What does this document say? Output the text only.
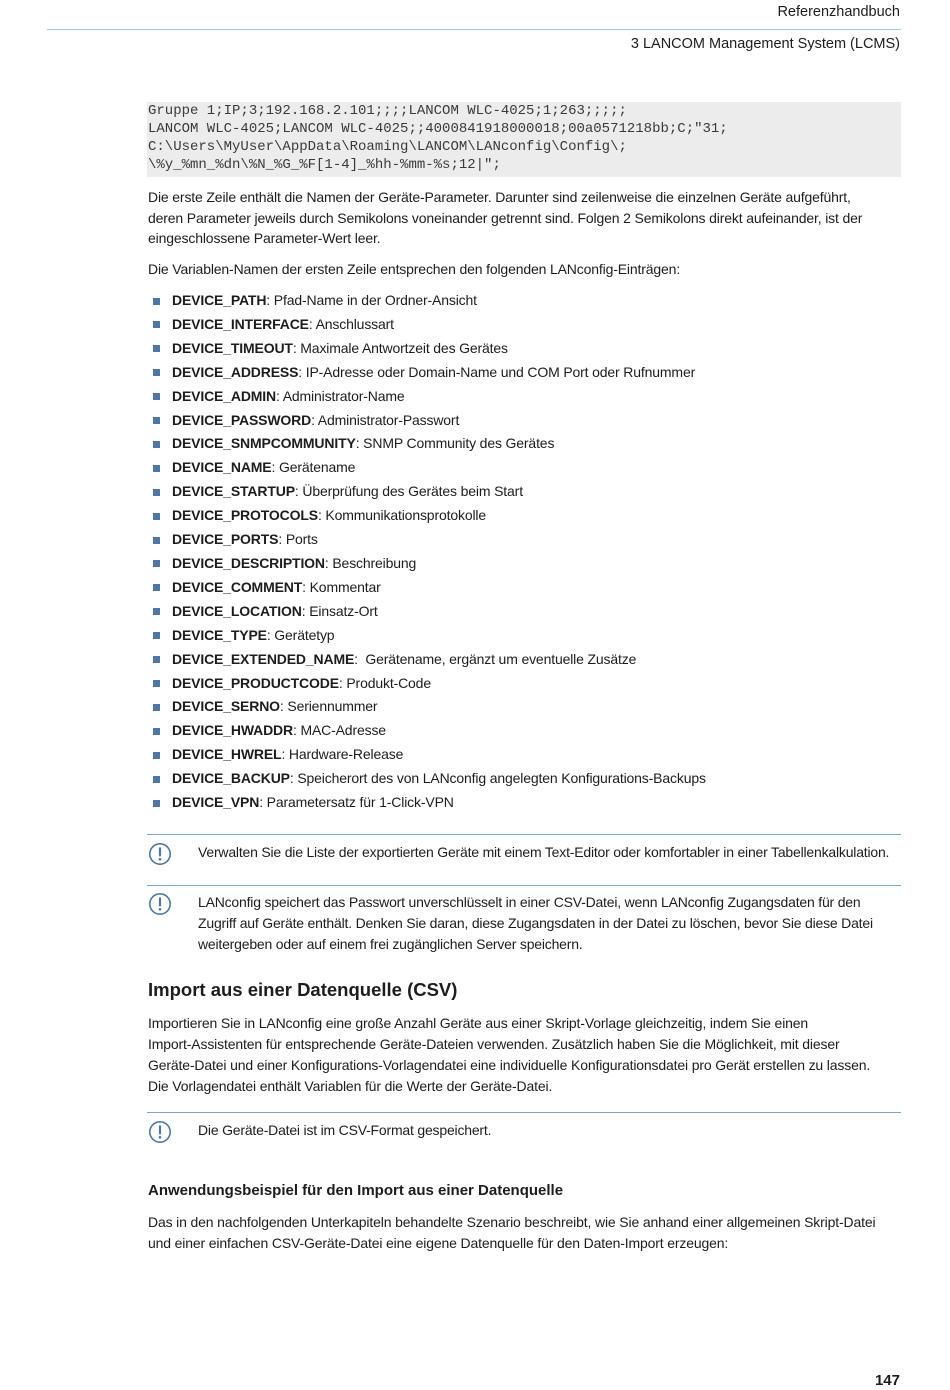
Referenzhandbuch
3 LANCOM Management System (LCMS)
Gruppe 1;IP;3;192.168.2.101;;;;LANCOM WLC-4025;1;263;;;;;
LANCOM WLC-4025;LANCOM WLC-4025;;4000841918000018;00a0571218bb;C;"31;
C:\Users\MyUser\AppData\Roaming\LANCOM\LANconfig\Config\;
\%y_%mn_%dn\%N_%G_%F[1-4]_%hh-%mm-%s;12|";
Die erste Zeile enthält die Namen der Geräte-Parameter. Darunter sind zeilenweise die einzelnen Geräte aufgeführt,
deren Parameter jeweils durch Semikolons voneinander getrennt sind. Folgen 2 Semikolons direkt aufeinander, ist der
eingeschlossene Parameter-Wert leer.
Die Variablen-Namen der ersten Zeile entsprechen den folgenden LANconfig-Einträgen:
DEVICE_PATH: Pfad-Name in der Ordner-Ansicht
DEVICE_INTERFACE: Anschlussart
DEVICE_TIMEOUT: Maximale Antwortzeit des Gerätes
DEVICE_ADDRESS: IP-Adresse oder Domain-Name und COM Port oder Rufnummer
DEVICE_ADMIN: Administrator-Name
DEVICE_PASSWORD: Administrator-Passwort
DEVICE_SNMPCOMMUNITY: SNMP Community des Gerätes
DEVICE_NAME: Gerätename
DEVICE_STARTUP: Überprüfung des Gerätes beim Start
DEVICE_PROTOCOLS: Kommunikationsprotokolle
DEVICE_PORTS: Ports
DEVICE_DESCRIPTION: Beschreibung
DEVICE_COMMENT: Kommentar
DEVICE_LOCATION: Einsatz-Ort
DEVICE_TYPE: Gerätetyp
DEVICE_EXTENDED_NAME:  Gerätename, ergänzt um eventuelle Zusätze
DEVICE_PRODUCTCODE: Produkt-Code
DEVICE_SERNO: Seriennummer
DEVICE_HWADDR: MAC-Adresse
DEVICE_HWREL: Hardware-Release
DEVICE_BACKUP: Speicherort des von LANconfig angelegten Konfigurations-Backups
DEVICE_VPN: Parametersatz für 1-Click-VPN
Verwalten Sie die Liste der exportierten Geräte mit einem Text-Editor oder komfortabler in einer Tabellenkalkulation.
LANconfig speichert das Passwort unverschlüsselt in einer CSV-Datei, wenn LANconfig Zugangsdaten für den
Zugriff auf Geräte enthält. Denken Sie daran, diese Zugangsdaten in der Datei zu löschen, bevor Sie diese Datei
weitergeben oder auf einem frei zugänglichen Server speichern.
Import aus einer Datenquelle (CSV)
Importieren Sie in LANconfig eine große Anzahl Geräte aus einer Skript-Vorlage gleichzeitig, indem Sie einen
Import-Assistenten für entsprechende Geräte-Dateien verwenden. Zusätzlich haben Sie die Möglichkeit, mit dieser
Geräte-Datei und einer Konfigurations-Vorlagendatei eine individuelle Konfigurationsdatei pro Gerät erstellen zu lassen.
Die Vorlagendatei enthält Variablen für die Werte der Geräte-Datei.
Die Geräte-Datei ist im CSV-Format gespeichert.
Anwendungsbeispiel für den Import aus einer Datenquelle
Das in den nachfolgenden Unterkapiteln behandelte Szenario beschreibt, wie Sie anhand einer allgemeinen Skript-Datei
und einer einfachen CSV-Geräte-Datei eine eigene Datenquelle für den Daten-Import erzeugen:
147
